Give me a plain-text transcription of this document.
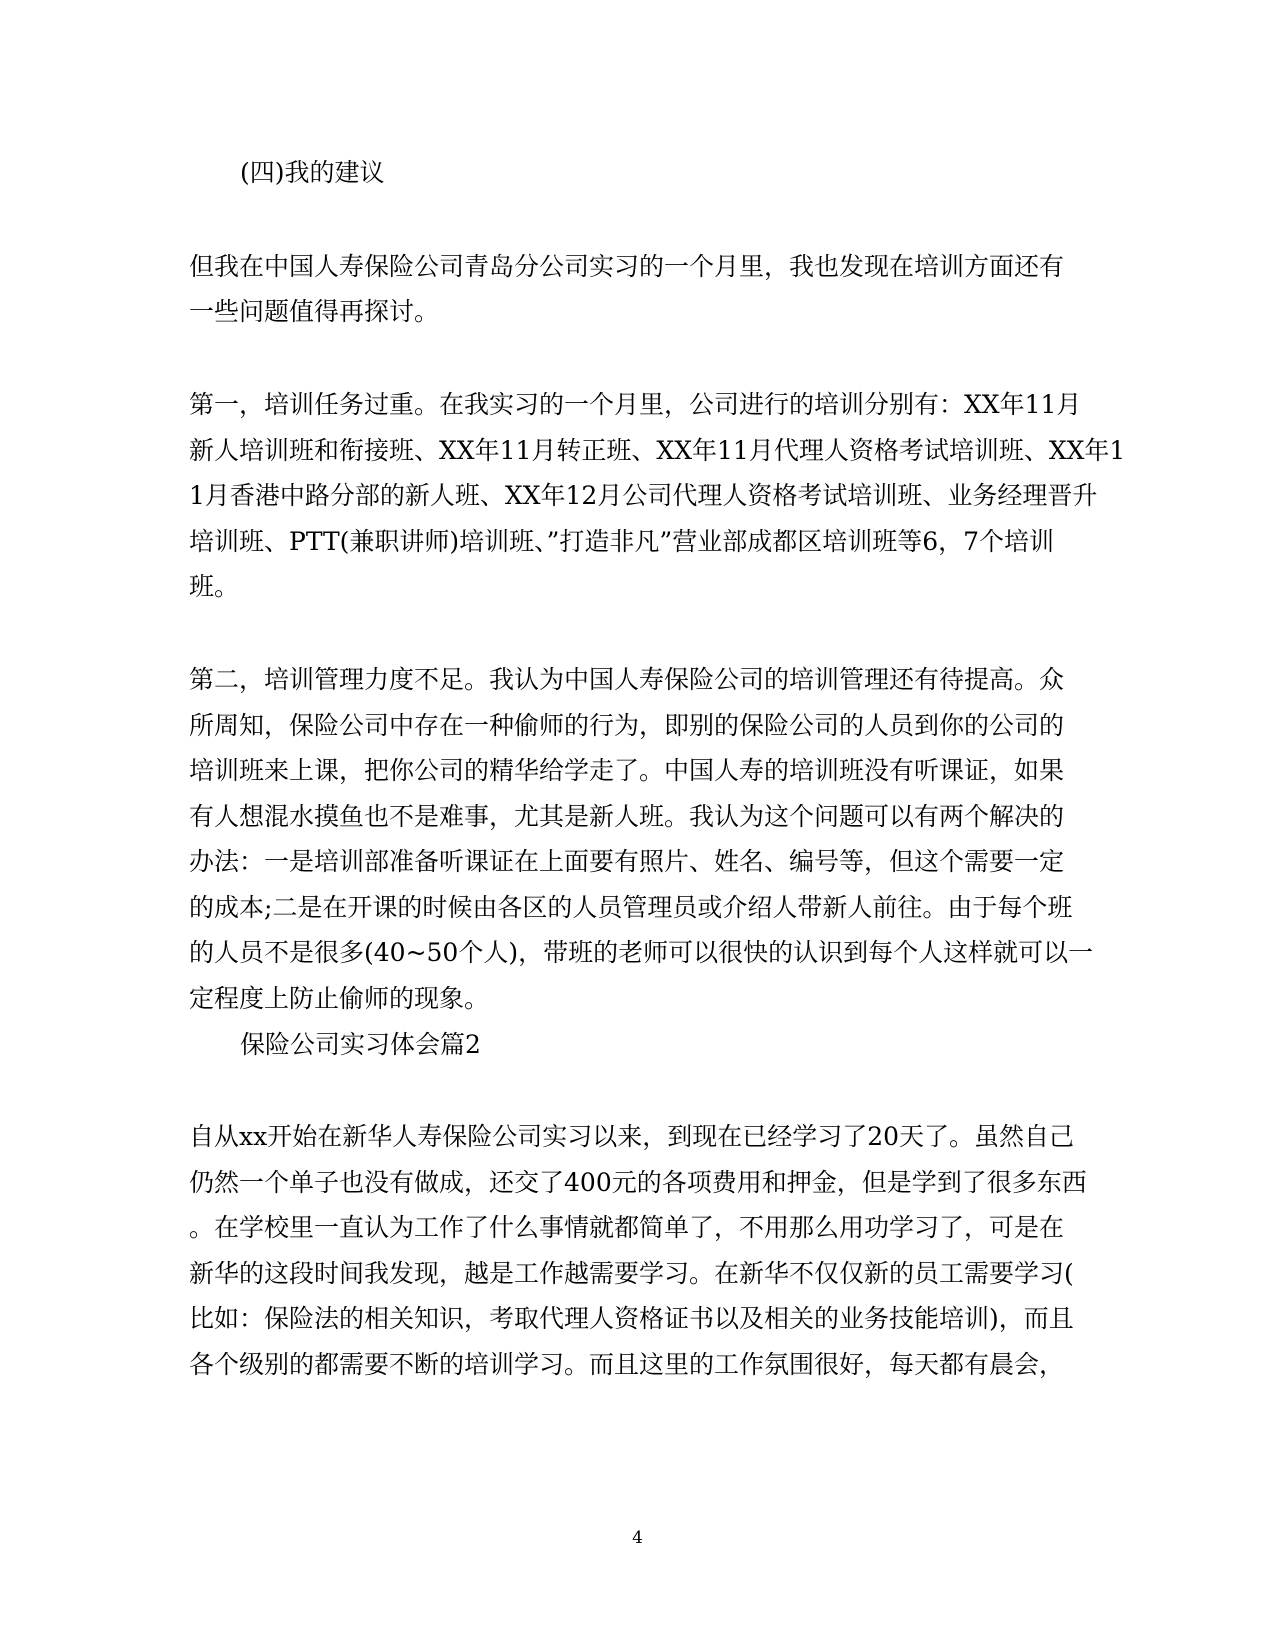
(四)我的建议
但我在中国人寿保险公司青岛分公司实习的一个月里，我也发现在培训方面还有
一些问题值得再探讨。
第一，培训任务过重。在我实习的一个月里，公司进行的培训分别有：XX年11月
新人培训班和衔接班、XX年11月转正班、XX年11月代理人资格考试培训班、XX年1
1月香港中路分部的新人班、XX年12月公司代理人资格考试培训班、业务经理晋升
培训班、PTT(兼职讲师)培训班、”打造非凡”营业部成都区培训班等6，7个培训
班。
第二，培训管理力度不足。我认为中国人寿保险公司的培训管理还有待提高。众
所周知，保险公司中存在一种偷师的行为，即别的保险公司的人员到你的公司的
培训班来上课，把你公司的精华给学走了。中国人寿的培训班没有听课证，如果
有人想混水摸鱼也不是难事，尤其是新人班。我认为这个问题可以有两个解决的
办法：一是培训部准备听课证在上面要有照片、姓名、编号等，但这个需要一定
的成本;二是在开课的时候由各区的人员管理员或介绍人带新人前往。由于每个班
的人员不是很多(40~50个人)，带班的老师可以很快的认识到每个人这样就可以一
定程度上防止偷师的现象。
保险公司实习体会篇2
自从xx开始在新华人寿保险公司实习以来，到现在已经学习了20天了。虽然自己
仍然一个单子也没有做成，还交了400元的各项费用和押金，但是学到了很多东西
。在学校里一直认为工作了什么事情就都简单了，不用那么用功学习了，可是在
新华的这段时间我发现，越是工作越需要学习。在新华不仅仅新的员工需要学习(
比如：保险法的相关知识，考取代理人资格证书以及相关的业务技能培训)，而且
各个级别的都需要不断的培训学习。而且这里的工作氛围很好，每天都有晨会，
4
